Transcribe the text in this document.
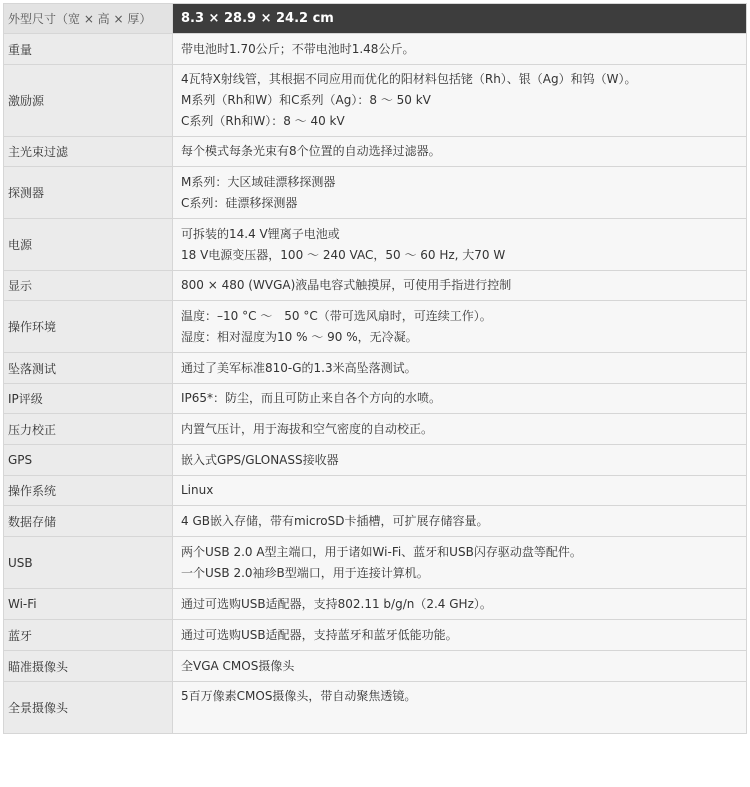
外型尺寸（宽 × 高 × 厚）	8.3 × 28.9 × 24.2 cm

重量	带电池时1.70公斤；不带电池时1.48公斤。

激励源	4瓦特X射线管，其根据不同应用而优化的阳材料包括铑（Rh）、银（Ag）和钨（W）。
M系列（Rh和W）和C系列（Ag）：8 ～ 50 kV
C系列（Rh和W）：8 ～ 40 kV

主光束过滤	每个模式每条光束有8个位置的自动选择过滤器。

探测器	M系列：大区域硅漂移探测器
C系列：硅漂移探测器

电源	可拆装的14.4 V锂离子电池或
18 V电源变压器，100 ～ 240 VAC，50 ～ 60 Hz, 大70 W

显示	800 × 480 (WVGA)液晶电容式触摸屏，可使用手指进行控制

操作环境	温度：–10 °C ～　50 °C（带可选风扇时，可连续工作）。
湿度：相对湿度为10 % ～ 90 %，无冷凝。

坠落测试	通过了美军标准810-G的1.3米高坠落测试。

IP评级	IP65*：防尘，而且可防止来自各个方向的水喷。

压力校正	内置气压计，用于海拔和空气密度的自动校正。

GPS	嵌入式GPS/GLONASS接收器

操作系统	Linux

数据存储	4 GB嵌入存储，带有microSD卡插槽，可扩展存储容量。

USB	两个USB 2.0 A型主端口，用于诸如Wi-Fi、蓝牙和USB闪存驱动盘等配件。
一个USB 2.0袖珍B型端口，用于连接计算机。

Wi-Fi	通过可选购USB适配器，支持802.11 b/g/n（2.4 GHz）。

蓝牙	通过可选购USB适配器，支持蓝牙和蓝牙低能功能。

瞄准摄像头	全VGA CMOS摄像头

全景摄像头	5百万像素CMOS摄像头，带自动聚焦透镜。
